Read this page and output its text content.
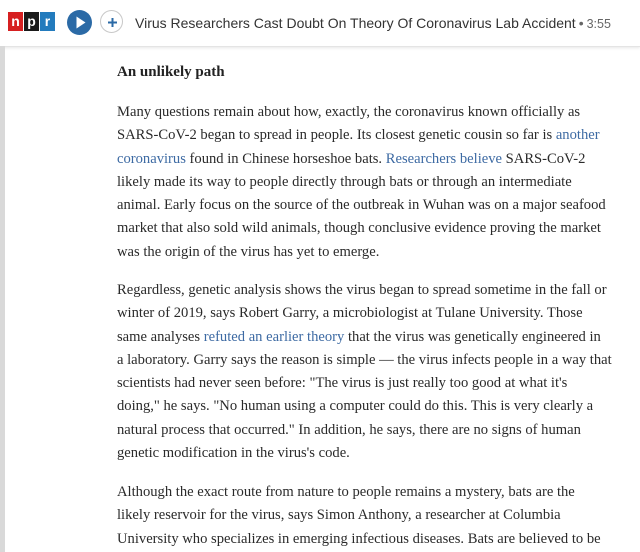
n p r	Virus Researchers Cast Doubt On Theory Of Coronavirus Lab Accident • 3:55
An unlikely path

Many questions remain about how, exactly, the coronavirus known officially as
SARS-CoV-2 began to spread in people. Its closest genetic cousin so far is another
coronavirus found in Chinese horseshoe bats. Researchers believe SARS-CoV-2
likely made its way to people directly through bats or through an intermediate
animal. Early focus on the source of the outbreak in Wuhan was on a major seafood
market that also sold wild animals, though conclusive evidence proving the market
was the origin of the virus has yet to emerge.

Regardless, genetic analysis shows the virus began to spread sometime in the fall or
winter of 2019, says Robert Garry, a microbiologist at Tulane University. Those
same analyses refuted an earlier theory that the virus was genetically engineered in
a laboratory. Garry says the reason is simple — the virus infects people in a way that
scientists had never seen before: "The virus is just really too good at what it's
doing," he says. "No human using a computer could do this. This is very clearly a
natural process that occurred." In addition, he says, there are no signs of human
genetic modification in the virus's code.

Although the exact route from nature to people remains a mystery, bats are the
likely reservoir for the virus, says Simon Anthony, a researcher at Columbia
University who specializes in emerging infectious diseases. Bats are believed to be
